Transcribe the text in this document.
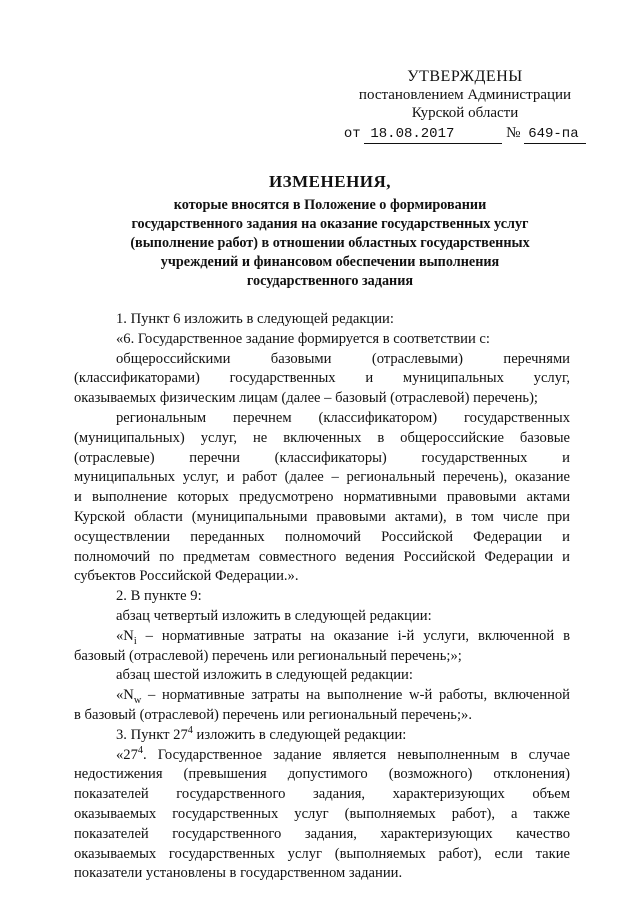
УТВЕРЖДЕНЫ
постановлением Администрации
Курской области
от 18.08.2017	№ 649-па
ИЗМЕНЕНИЯ,
которые вносятся в Положение о формировании
государственного задания на оказание государственных услуг
(выполнение работ) в отношении областных государственных
учреждений и финансовом обеспечении выполнения
государственного задания
1. Пункт 6 изложить в следующей редакции:
«6. Государственное задание формируется в соответствии с:
общероссийскими базовыми (отраслевыми) перечнями
(классификаторами) государственных и муниципальных услуг,
оказываемых физическим лицам (далее – базовый (отраслевой) перечень);
региональным перечнем (классификатором) государственных
(муниципальных) услуг, не включенных в общероссийские базовые
(отраслевые) перечни (классификаторы) государственных и
муниципальных услуг, и работ (далее – региональный перечень), оказание
и выполнение которых предусмотрено нормативными правовыми актами
Курской области (муниципальными правовыми актами), в том числе при
осуществлении переданных полномочий Российской Федерации и
полномочий по предметам совместного ведения Российской Федерации и
субъектов Российской Федерации.».
2. В пункте 9:
абзац четвертый изложить в следующей редакции:
«$N_i$ – нормативные затраты на оказание i-й услуги, включенной в
базовый (отраслевой) перечень или региональный перечень;»;
абзац шестой изложить в следующей редакции:
«$N_w$ – нормативные затраты на выполнение w-й работы, включенной
в базовый (отраслевой) перечень или региональный перечень;».
3. Пункт $27^4$ изложить в следующей редакции:
«$27^4$. Государственное задание является невыполненным в случае
недостижения (превышения допустимого (возможного) отклонения)
показателей государственного задания, характеризующих объем
оказываемых государственных услуг (выполняемых работ), а также
показателей государственного задания, характеризующих качество
оказываемых государственных услуг (выполняемых работ), если такие
показатели установлены в государственном задании.
